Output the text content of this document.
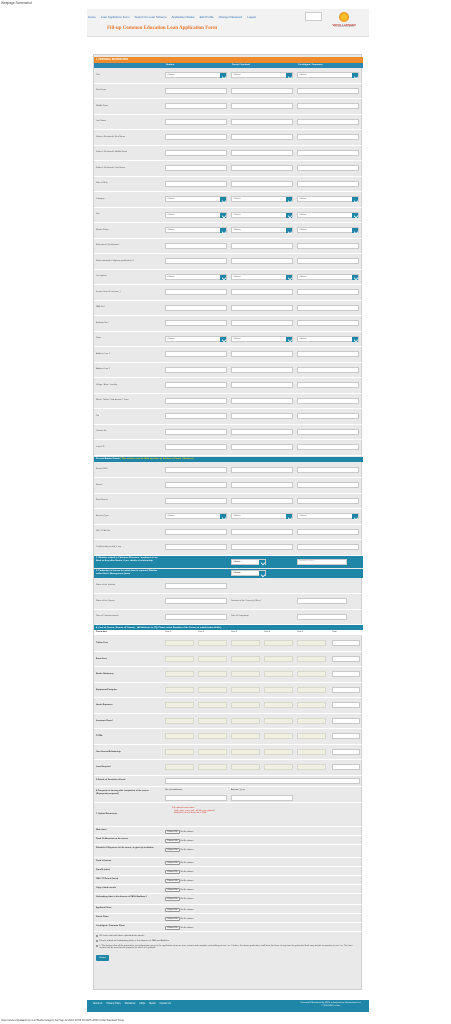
Webpage Screenshot
Home Loan Application Form Search for Loan Scheme Application Status Edit Profile Change Password Logout
VIDYA LAKSHMI
FOR HIGHER EDUCATION
Fill-up Common Education Loan Application Form
1. PERSONAL INFORMATION
Student	Parent / Husband	Co-obligant / Guarantor
Title	--Select--	--Select--	--Select--
First Name
Middle Name
Last Name
Father's /Husband's First Name
Father's /Husband's Middle Name
Father's /Husband's Last Name
Date of Birth
Category	--Select--	--Select--	--Select--
Sex	--Select--	--Select--	--Select--
Marital Status	--Select--	--Select--	--Select--
Educational Qualification
Marks obtained in Highest qualification %
Occupation	--Select--	--Select--	--Select--
Income from all sources ( )
PAN No.#
Aadhaar No.#
State	--Select--	--Select--	--Select--
Address Line 1
Address Line 2
Village / Area / Locality
Block / Taluka / Sub-division / Town
Pin
Contact No.
e-mail ID
Present Banker Details ( This section must be filled up either by Student or Parent / Husband )
Branch IFSC
Branch
Bank Branch
Account Type	--Select--	--Select--	--Select--
SB / CD A/c No
Credit facility availed, if any
2. Whether related to Chairman /Directors / employee of our Bank or Any other Banks, if yes, details of relationship
--Select--	Relation Details
3. Particulars of course for which loan is required. Whether under Merit / Management Quota	--Select--
Name of the Institute
Name of the Course	Duration of the Course (in Mths)
Date of Commencement	Date of Completion
4. Cost of Course / Source of Finance : (All fields are in (₹)). Please select Duration of the Course to enable below fields.)
Particulars	Year 1	Year 2	Year 3	Year 4	Year 5	Total
Tuition Fees
Exam Fees
Books /Stationery
Equipment/Computer
Hostel Expenses
Insurance/Travel
TOTAL
Own Source/Scholarship
Loan Required
5.Details of Securities offered
6.Prospects of earning after completion of the course (Repayment proposed)
No. of Installments	Amount ( ) p.m.
7. Upload Documents
File upload instructions:
Only .jpeg, .png, .pdf, .tiff files are allowed
Maximum size of each file is 2MB
Mark sheet
Choose File	No file chosen
Proof Of Admission to the course
Choose File	No file chosen
Schedule Of Expenses for the course, as given by institution
Choose File	No file chosen
Proof of Income
Choose File	No file chosen
Form16 (salar)
Choose File	No file chosen
ITAO / IT Return (latest)
Choose File	No file chosen
Copy of land records
Choose File	No file chosen
Undertaking letter in the absence of PAN & Aadhaar #
Choose File	No file chosen
Applicant Photo
Choose File	No file chosen
Parent Photo
Choose File	No file chosen
Co-obligant / Guarantor Photo
Choose File	No file chosen
We have attached above uploaded documents
Please submit an Undertaking letter in the absence of PAN and Aadhaar
I / We declare that all the particulars and information given in the application form are true, correct and complete and nothing on me / us. Further, the above particulars shall form the basis of any loan the particular Bank may decide to sanction to me / us. The loan amount will be used for the purpose for which it is granted.
Submit
About Us Privacy Policy Disclaimer FAQs Media Contact Us	Powered & Maintained by NSDL e-Governance Infrastructure Ltd.
© 2015 NSDL e-Gov.
https://www.vidyalakshmi.co.in/Students/apply Sat Sep 12 2015 22:55:39 GMT+0530 (India Standard Time)
